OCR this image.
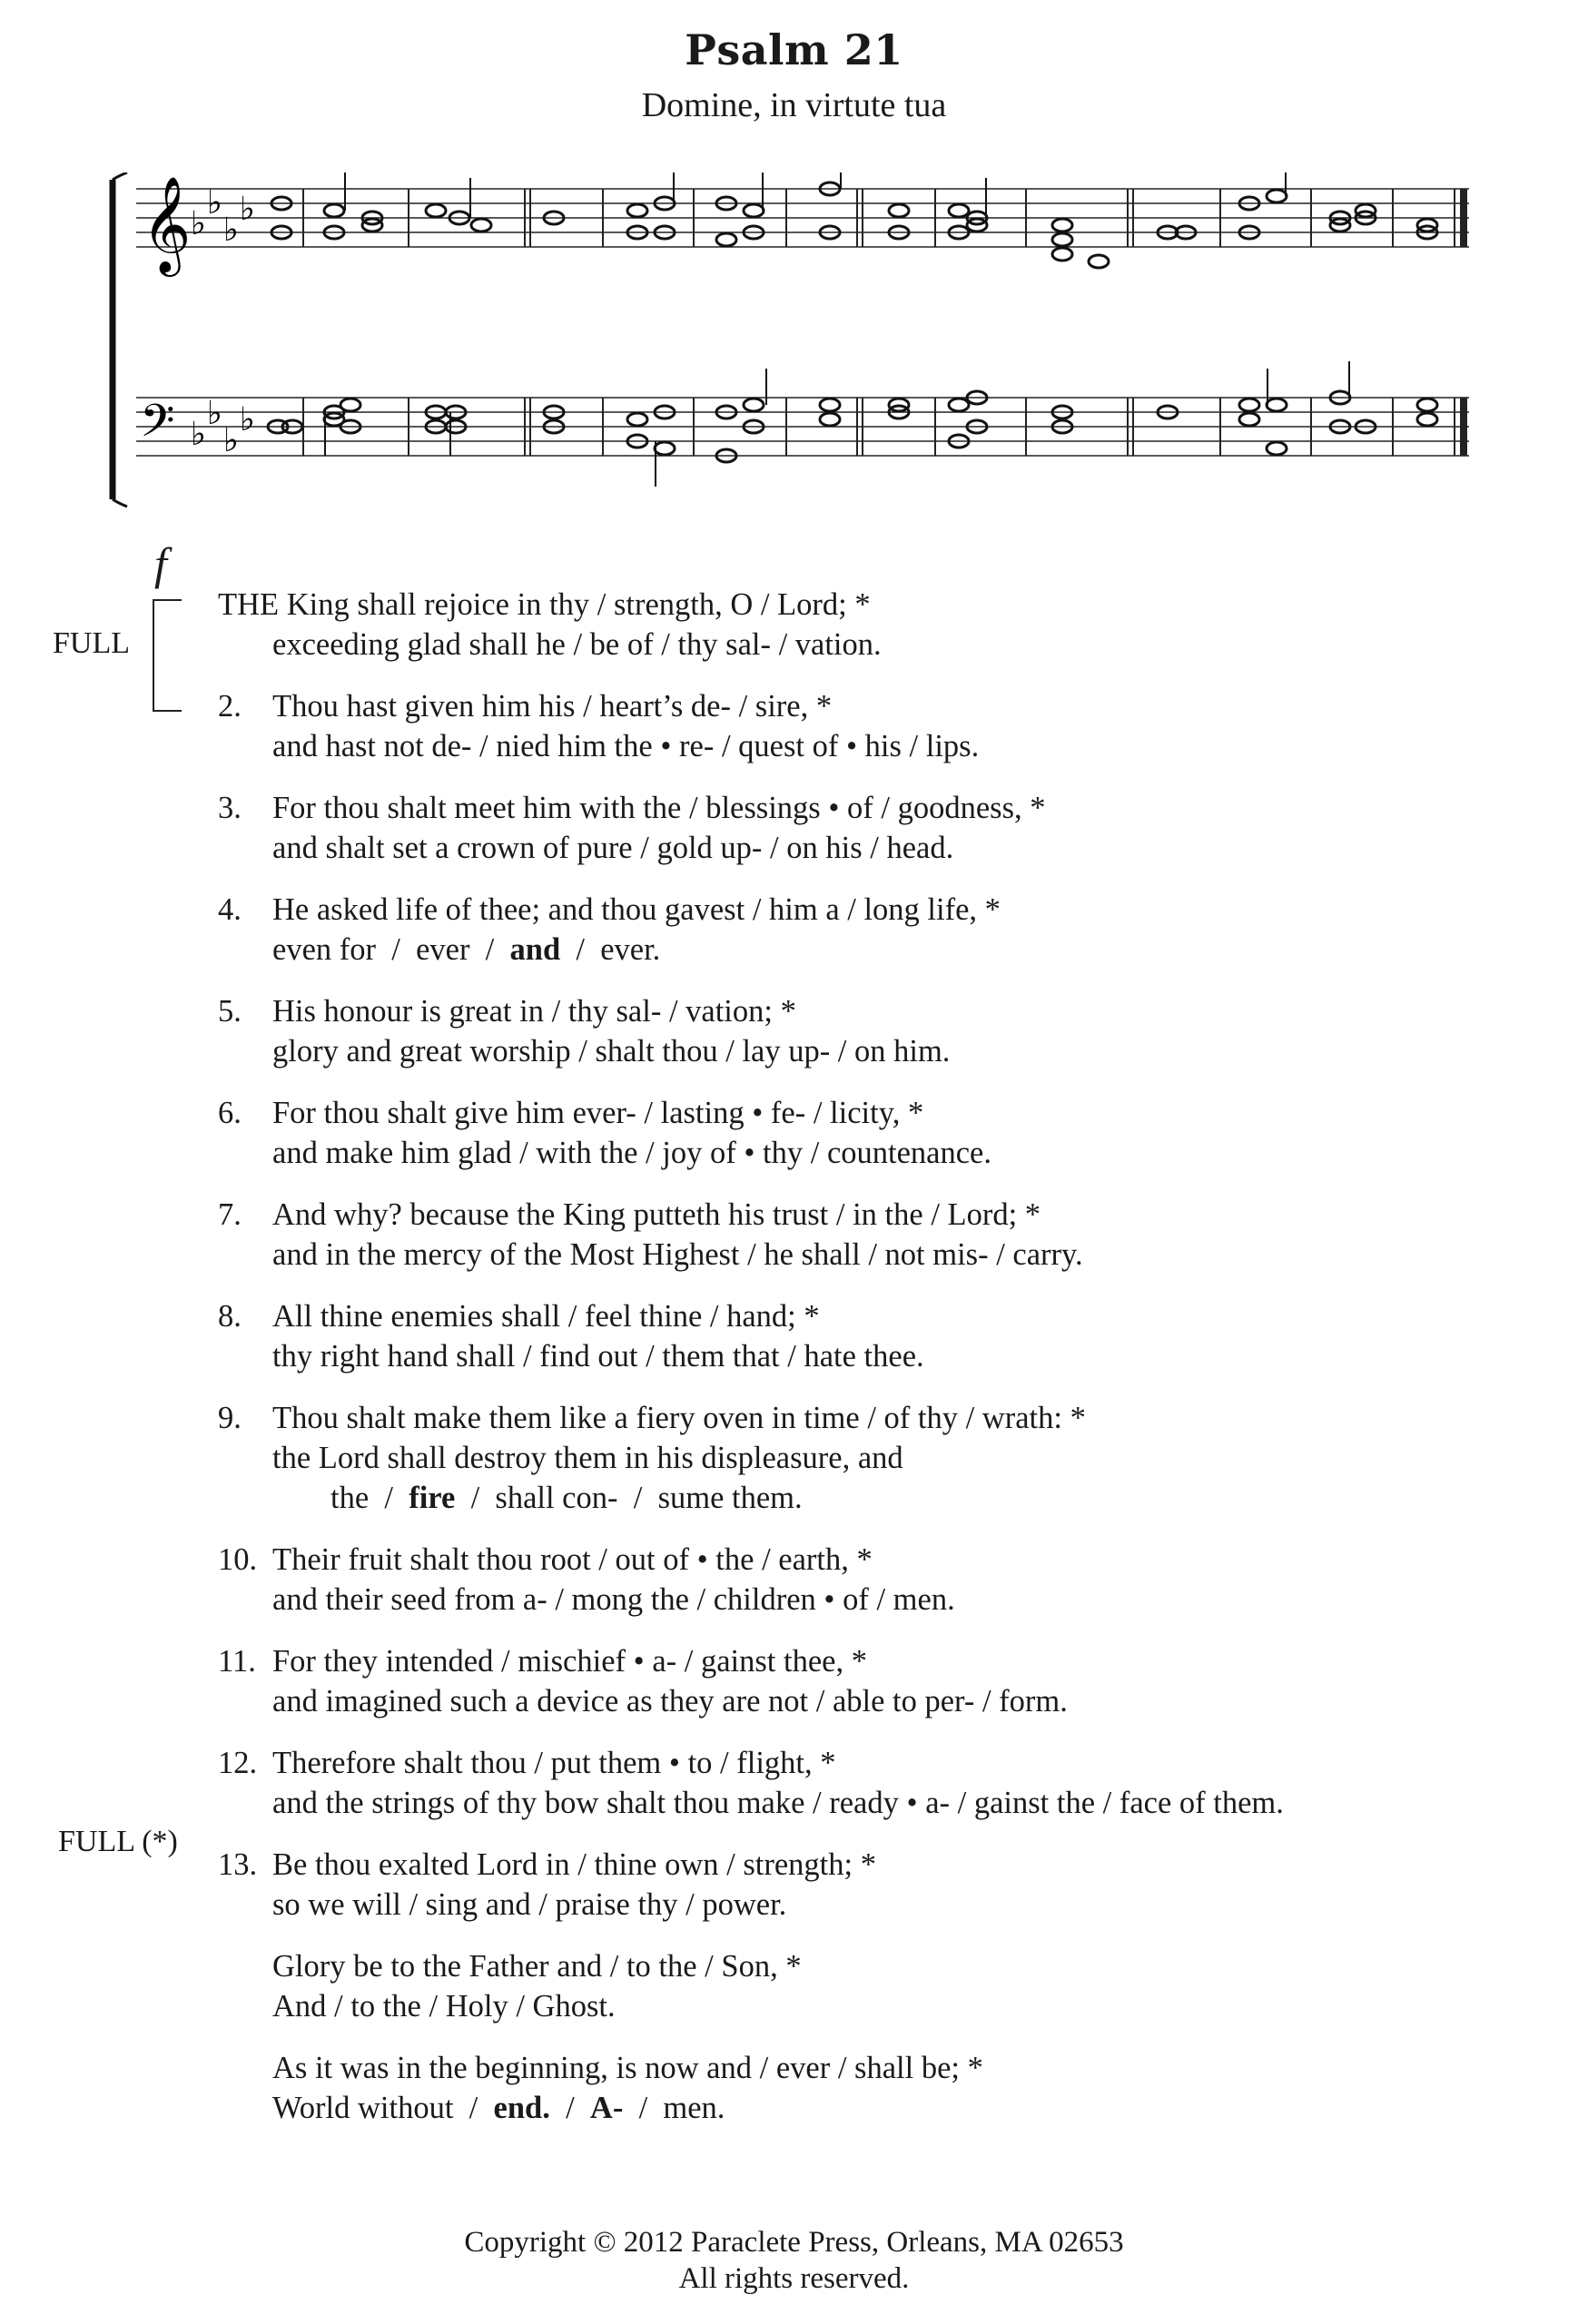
Psalm 21
Domine, in virtute tua
𝄞
𝄢
♭
♭
♭
♭
♭
♭
♭
♭
f
FULL
FULL (*)
THE King shall rejoice in thy / strength, O / Lord; *
exceeding glad shall he / be of / thy sal- / vation.
2. Thou hast given him his / heart’s de- / sire, *
and hast not de- / nied him the • re- / quest of • his / lips.
3. For thou shalt meet him with the / blessings • of / goodness, *
and shalt set a crown of pure / gold up- / on his / head.
4. He asked life of thee; and thou gavest / him a / long life, *
even for  /  ever  /  and  /  ever.
5. His honour is great in / thy sal- / vation; *
glory and great worship / shalt thou / lay up- / on him.
6. For thou shalt give him ever- / lasting • fe- / licity, *
and make him glad / with the / joy of • thy / countenance.
7. And why? because the King putteth his trust / in the / Lord; *
and in the mercy of the Most Highest / he shall / not mis- / carry.
8. All thine enemies shall / feel thine / hand; *
thy right hand shall / find out / them that / hate thee.
9. Thou shalt make them like a fiery oven in time / of thy / wrath: *
the Lord shall destroy them in his displeasure, and
the  /  fire  /  shall con-  /  sume them.
10. Their fruit shalt thou root / out of • the / earth, *
and their seed from a- / mong the / children • of / men.
11. For they intended / mischief • a- / gainst thee, *
and imagined such a device as they are not / able to per- / form.
12. Therefore shalt thou / put them • to / flight, *
and the strings of thy bow shalt thou make / ready • a- / gainst the / face of them.
13. Be thou exalted Lord in / thine own / strength; *
so we will / sing and / praise thy / power.
Glory be to the Father and / to the / Son, *
And / to the / Holy / Ghost.
As it was in the beginning, is now and / ever / shall be; *
World without  /  end.  /  A-  /  men.
Copyright © 2012 Paraclete Press, Orleans, MA 02653
All rights reserved.
